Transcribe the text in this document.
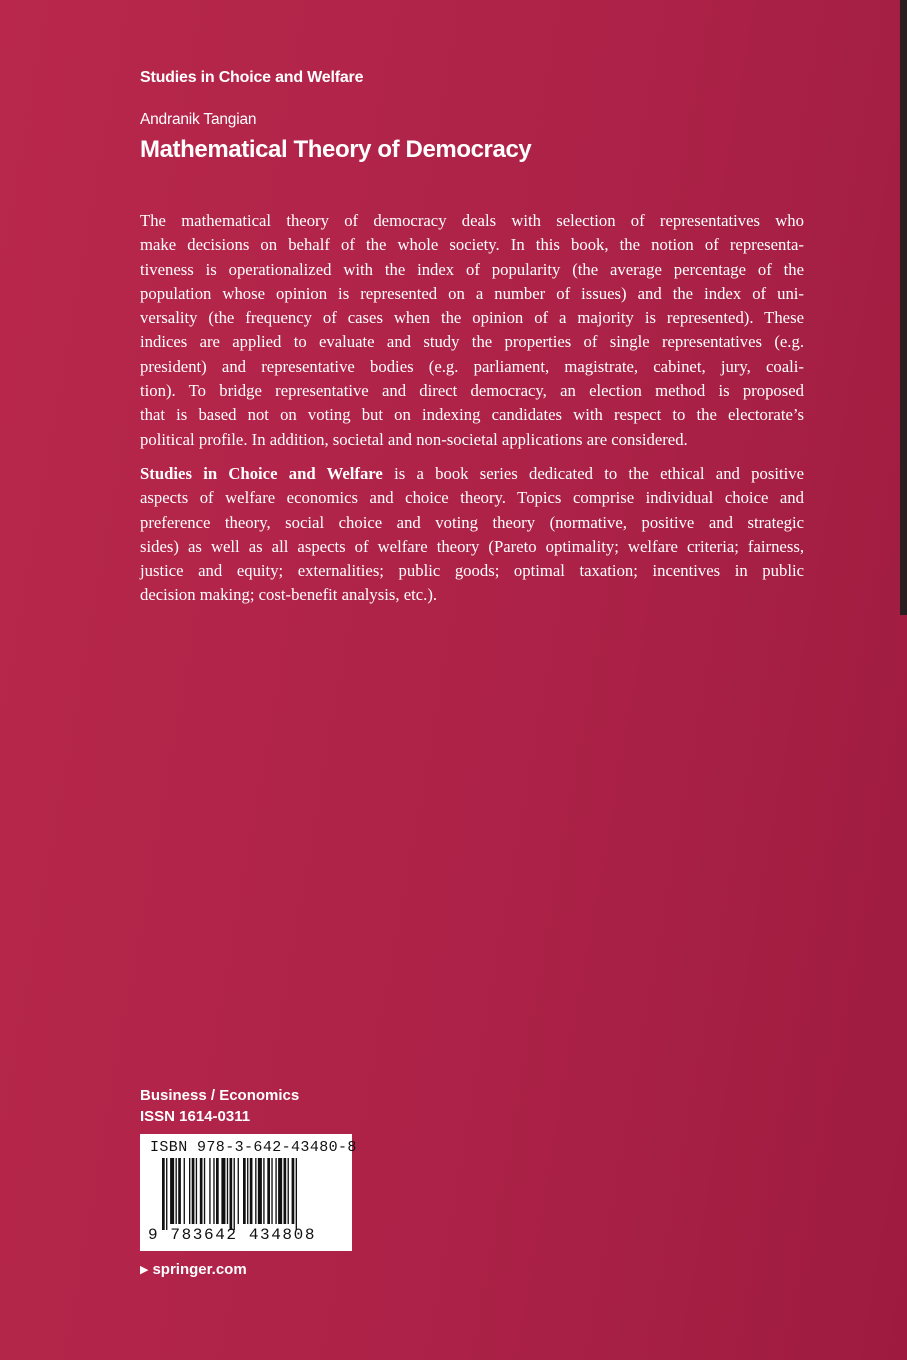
Studies in Choice and Welfare
Andranik Tangian
Mathematical Theory of Democracy

The mathematical theory of democracy deals with selection of representatives who
make decisions on behalf of the whole society. In this book, the notion of representa-
tiveness is operationalized with the index of popularity (the average percentage of the
population whose opinion is represented on a number of issues) and the index of uni-
versality (the frequency of cases when the opinion of a majority is represented). These
indices are applied to evaluate and study the properties of single representatives (e.g.
president) and representative bodies (e.g. parliament, magistrate, cabinet, jury, coali-
tion). To bridge representative and direct democracy, an election method is proposed
that is based not on voting but on indexing candidates with respect to the electorate’s
political profile. In addition, societal and non-societal applications are considered.

Studies in Choice and Welfare is a book series dedicated to the ethical and positive
aspects of welfare economics and choice theory. Topics comprise individual choice and
preference theory, social choice and voting theory (normative, positive and strategic
sides) as well as all aspects of welfare theory (Pareto optimality; welfare criteria; fairness,
justice and equity; externalities; public goods; optimal taxation; incentives in public
decision making; cost-benefit analysis, etc.).

Business / Economics
ISSN 1614-0311
ISBN 978-3-642-43480-8
9 783642 434808
▶ springer.com
